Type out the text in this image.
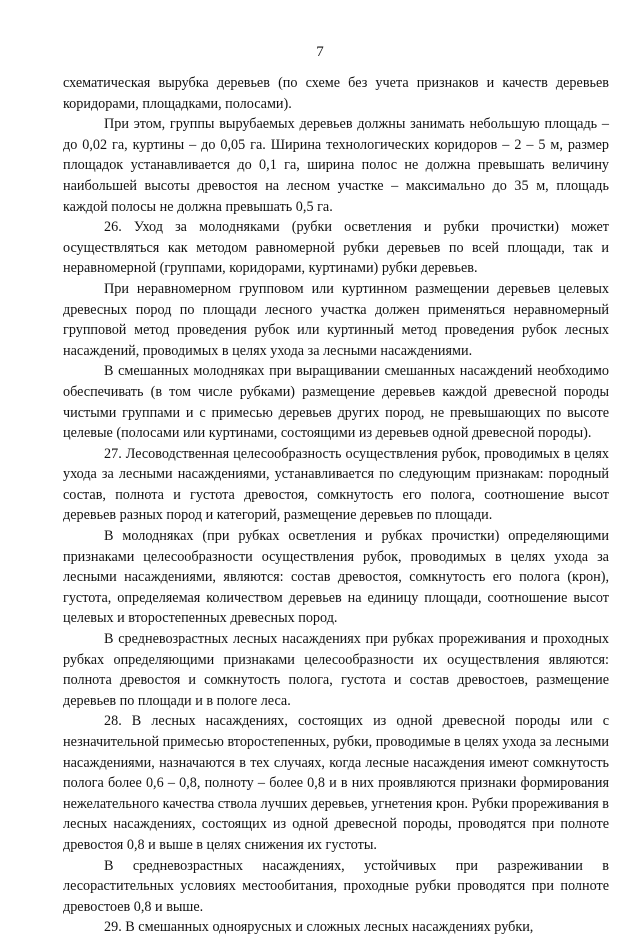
7

схематическая вырубка деревьев (по схеме без учета признаков и качеств деревьев коридорами, площадками, полосами).

При этом, группы вырубаемых деревьев должны занимать небольшую площадь – до 0,02 га, куртины – до 0,05 га. Ширина технологических коридоров – 2 – 5 м, размер площадок устанавливается до 0,1 га, ширина полос не должна превышать величину наибольшей высоты древостоя на лесном участке – максимально до 35 м, площадь каждой полосы не должна превышать 0,5 га.

26. Уход за молодняками (рубки осветления и рубки прочистки) может осуществляться как методом равномерной рубки деревьев по всей площади, так и неравномерной (группами, коридорами, куртинами) рубки деревьев.

При неравномерном групповом или куртинном размещении деревьев целевых древесных пород по площади лесного участка должен применяться неравномерный групповой метод проведения рубок или куртинный метод проведения рубок лесных насаждений, проводимых в целях ухода за лесными насаждениями.

В смешанных молодняках при выращивании смешанных насаждений необходимо обеспечивать (в том числе рубками) размещение деревьев каждой древесной породы чистыми группами и с примесью деревьев других пород, не превышающих по высоте целевые (полосами или куртинами, состоящими из деревьев одной древесной породы).

27. Лесоводственная целесообразность осуществления рубок, проводимых в целях ухода за лесными насаждениями, устанавливается по следующим признакам: породный состав, полнота и густота древостоя, сомкнутость его полога, соотношение высот деревьев разных пород и категорий, размещение деревьев по площади.

В молодняках (при рубках осветления и рубках прочистки) определяющими признаками целесообразности осуществления рубок, проводимых в целях ухода за лесными насаждениями, являются: состав древостоя, сомкнутость его полога (крон), густота, определяемая количеством деревьев на единицу площади, соотношение высот целевых и второстепенных древесных пород.

В средневозрастных лесных насаждениях при рубках прореживания и проходных рубках определяющими признаками целесообразности их осуществления являются: полнота древостоя и сомкнутость полога, густота и состав древостоев, размещение деревьев по площади и в пологе леса.

28. В лесных насаждениях, состоящих из одной древесной породы или с незначительной примесью второстепенных, рубки, проводимые в целях ухода за лесными насаждениями, назначаются в тех случаях, когда лесные насаждения имеют сомкнутость полога более 0,6 – 0,8, полноту – более 0,8 и в них проявляются признаки формирования нежелательного качества ствола лучших деревьев, угнетения крон. Рубки прореживания в лесных насаждениях, состоящих из одной древесной породы, проводятся при полноте древостоя 0,8 и выше в целях снижения их густоты.

В средневозрастных насаждениях, устойчивых при разреживании в лесорастительных условиях местообитания, проходные рубки проводятся при полноте древостоев 0,8 и выше.

29. В смешанных одноярусных и сложных лесных насаждениях рубки,
